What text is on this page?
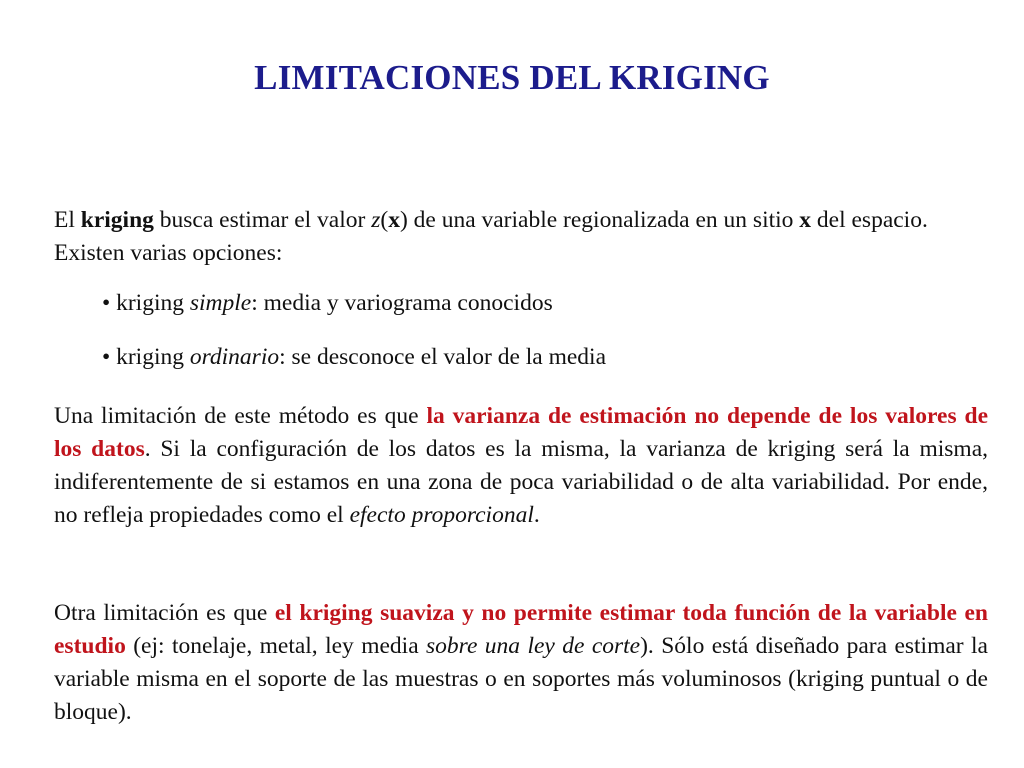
LIMITACIONES DEL KRIGING
El kriging busca estimar el valor z(x) de una variable regionalizada en un sitio x del espacio. Existen varias opciones:
• kriging simple: media y variograma conocidos
• kriging ordinario: se desconoce el valor de la media
Una limitación de este método es que la varianza de estimación no depende de los valores de los datos. Si la configuración de los datos es la misma, la varianza de kriging será la misma, indiferentemente de si estamos en una zona de poca variabilidad o de alta variabilidad. Por ende, no refleja propiedades como el efecto proporcional.
Otra limitación es que el kriging suaviza y no permite estimar toda función de la variable en estudio (ej: tonelaje, metal, ley media sobre una ley de corte). Sólo está diseñado para estimar la variable misma en el soporte de las muestras o en soportes más voluminosos (kriging puntual o de bloque).
